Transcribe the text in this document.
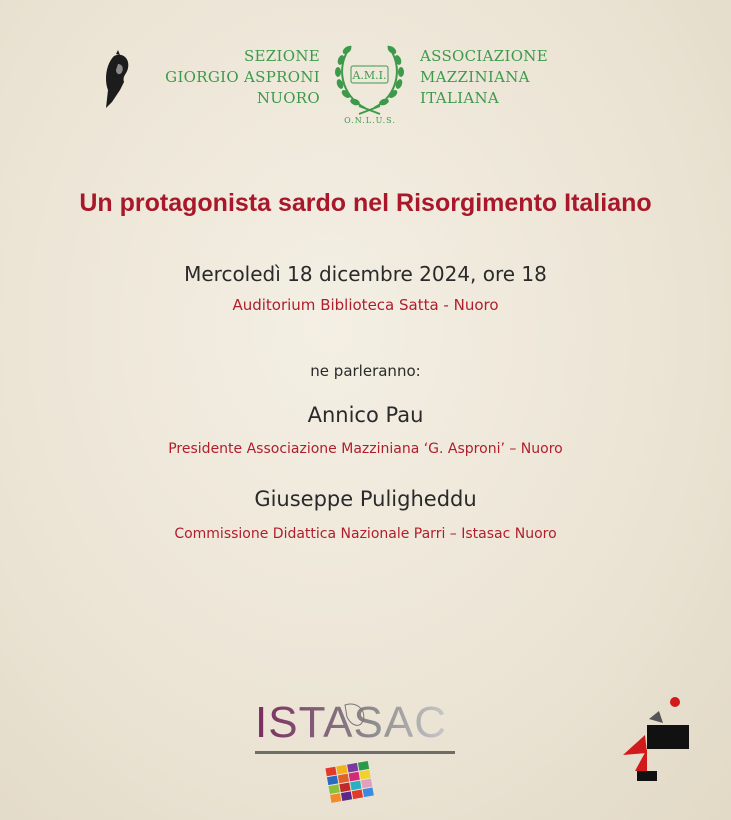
SEZIONE
GIORGIO ASPRONI
NUORO
A.M.I.
O.N.L.U.S.
ASSOCIAZIONE
MAZZINIANA
ITALIANA
Un protagonista sardo nel Risorgimento Italiano
Mercoledì 18 dicembre 2024, ore 18
Auditorium Biblioteca Satta - Nuoro
ne parleranno:
Annico Pau
Presidente Associazione Mazziniana ‘G. Asproni’ – Nuoro
Giuseppe Puligheddu
Commissione Didattica Nazionale Parri – Istasac Nuoro
ISTASAC
